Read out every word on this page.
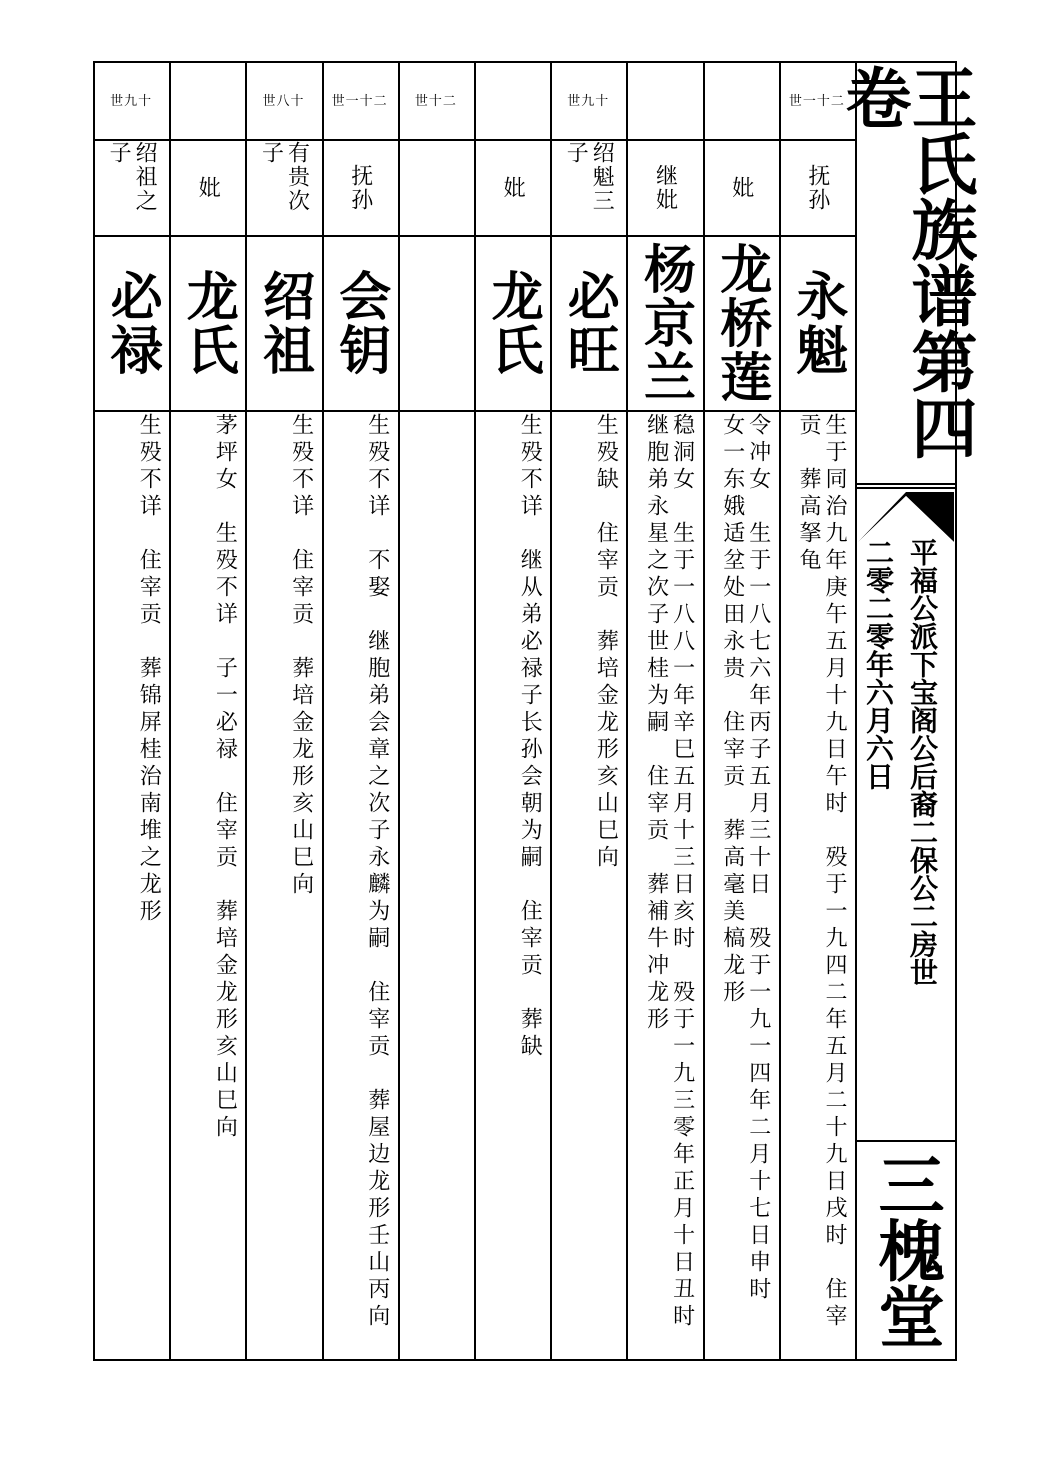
世一十二
抚孙
永魁
生于同治九年庚午五月十九日午时　殁于一九四二年五月二十九日戌时　住宰贡　葬高拏龟
妣
龙桥莲
令冲女　生于一八七六年丙子五月三十日　殁于一九一四年二月十七日申时　女一东娥适坌处田永贵　住宰贡　葬高毫美槁龙形
继妣
杨京兰
稳洞女　生于一八八一年辛巳五月十三日亥时　殁于一九三零年正月十日丑时　继胞弟永星之次子世桂为嗣　住宰贡　葬補牛冲龙形
世九十
绍魁三子
必旺
生殁缺　住宰贡　葬培金龙形亥山巳向
妣
龙氏
生殁不详　继从弟必禄子长孙会朝为嗣　住宰贡　葬缺
世十二
世一十二
抚孙
会钥
生殁不详　不娶　继胞弟会章之次子永麟为嗣　住宰贡　葬屋边龙形壬山丙向
世八十
有贵次子
绍祖
生殁不详　住宰贡　葬培金龙形亥山巳向
妣
龙氏
茅坪女　生殁不详　子一必禄　住宰贡　葬培金龙形亥山巳向
世九十
绍祖之子
必禄
生殁不详　住宰贡　葬锦屏桂治南堆之龙形
王氏族谱第四卷
平福公派下宝阁公后裔二保公二房世
二零二零年六月六日
三槐堂
